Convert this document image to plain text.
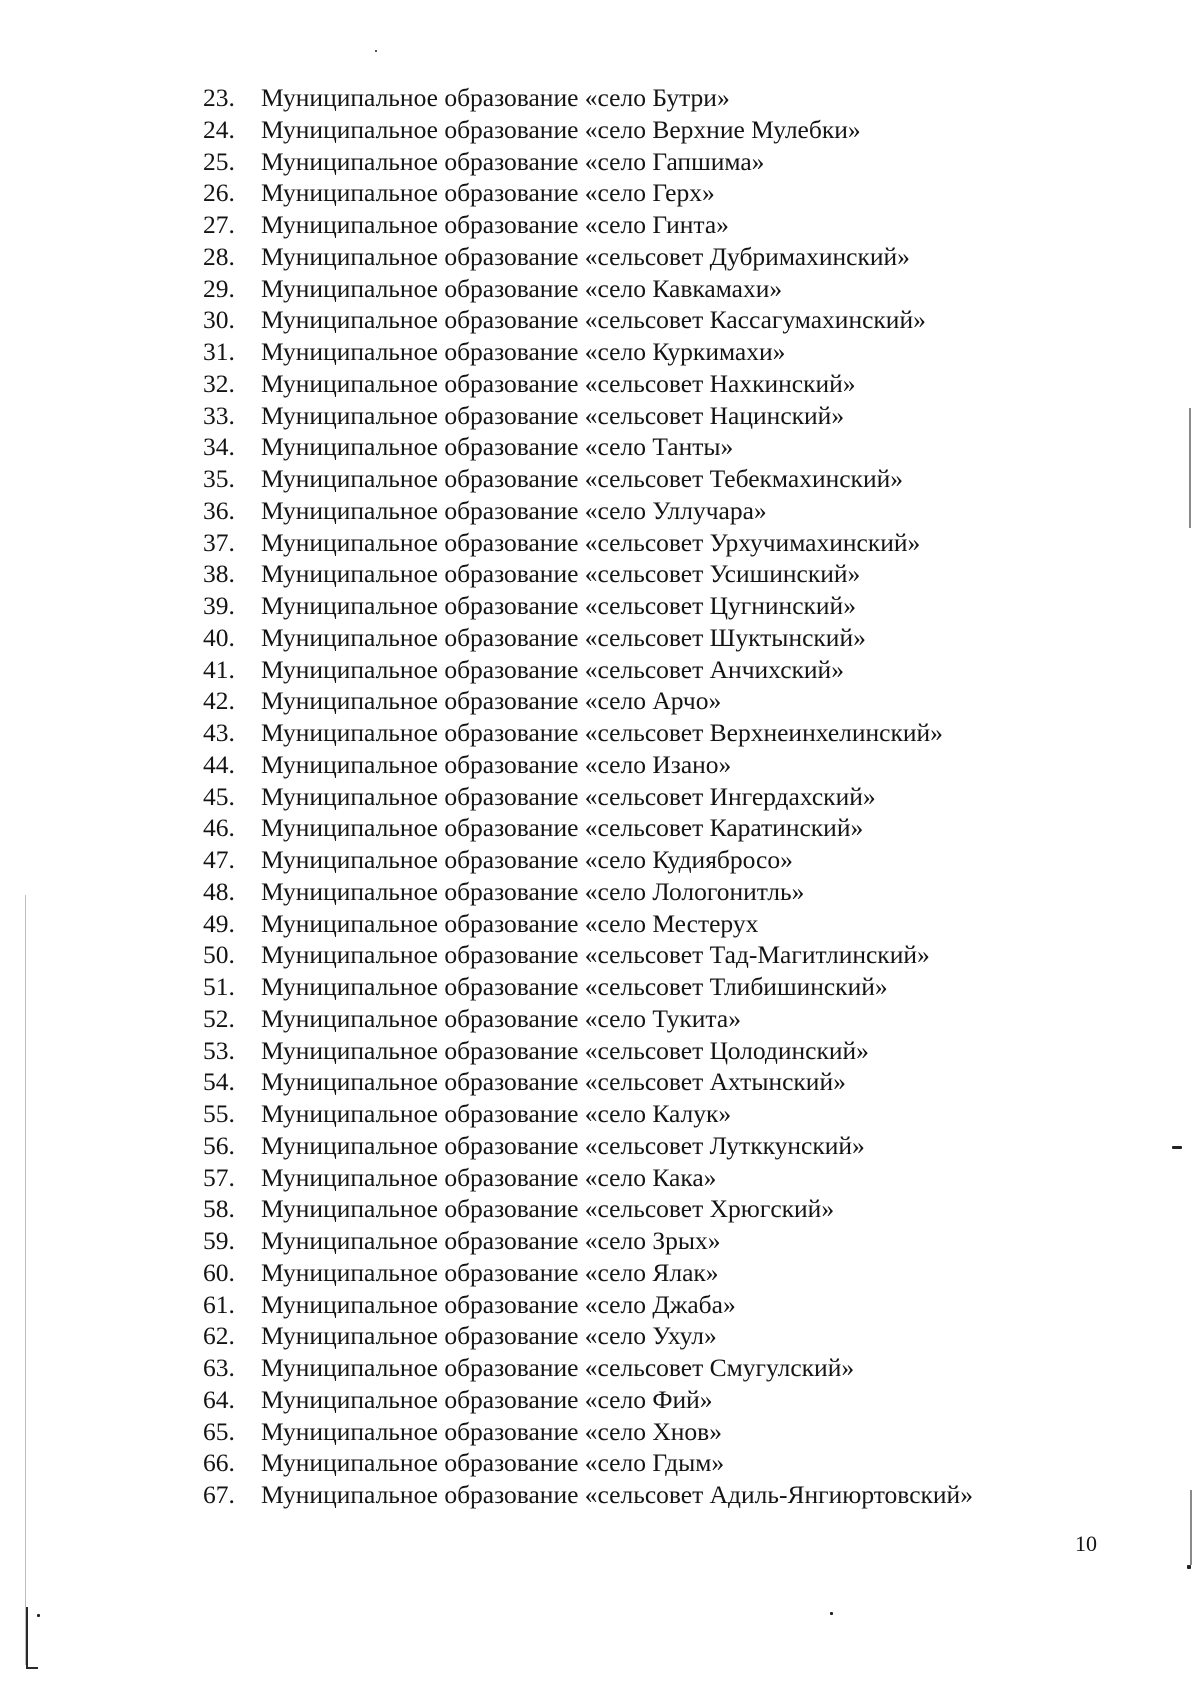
23.	Муниципальное образование «село Бутри»
24.	Муниципальное образование «село Верхние Мулебки»
25.	Муниципальное образование «село Гапшима»
26.	Муниципальное образование «село Герх»
27.	Муниципальное образование «село Гинта»
28.	Муниципальное образование «сельсовет Дубримахинский»
29.	Муниципальное образование «село Кавкамахи»
30.	Муниципальное образование «сельсовет Кассагумахинский»
31.	Муниципальное образование «село Куркимахи»
32.	Муниципальное образование «сельсовет Нахкинский»
33.	Муниципальное образование «сельсовет Нацинский»
34.	Муниципальное образование «село Танты»
35.	Муниципальное образование «сельсовет Тебекмахинский»
36.	Муниципальное образование «село Уллучара»
37.	Муниципальное образование «сельсовет Урхучимахинский»
38.	Муниципальное образование «сельсовет Усишинский»
39.	Муниципальное образование «сельсовет Цугнинский»
40.	Муниципальное образование «сельсовет Шуктынский»
41.	Муниципальное образование «сельсовет Анчихский»
42.	Муниципальное образование «село Арчо»
43.	Муниципальное образование «сельсовет Верхнеинхелинский»
44.	Муниципальное образование «село Изано»
45.	Муниципальное образование «сельсовет Ингердахский»
46.	Муниципальное образование «сельсовет Каратинский»
47.	Муниципальное образование «село Кудиябросо»
48.	Муниципальное образование «село Лологонитль»
49.	Муниципальное образование «село Местерух
50.	Муниципальное образование «сельсовет Тад-Магитлинский»
51.	Муниципальное образование «сельсовет Тлибишинский»
52.	Муниципальное образование «село Тукита»
53.	Муниципальное образование «сельсовет Цолодинский»
54.	Муниципальное образование «сельсовет Ахтынский»
55.	Муниципальное образование «село Калук»
56.	Муниципальное образование «сельсовет Лутккунский»
57.	Муниципальное образование «село Кака»
58.	Муниципальное образование «сельсовет Хрюгский»
59.	Муниципальное образование «село Зрых»
60.	Муниципальное образование «село Ялак»
61.	Муниципальное образование «село Джаба»
62.	Муниципальное образование «село Ухул»
63.	Муниципальное образование «сельсовет Смугулский»
64.	Муниципальное образование «село Фий»
65.	Муниципальное образование «село Хнов»
66.	Муниципальное образование «село Гдым»
67.	Муниципальное образование «сельсовет Адиль-Янгиюртовский»
10
